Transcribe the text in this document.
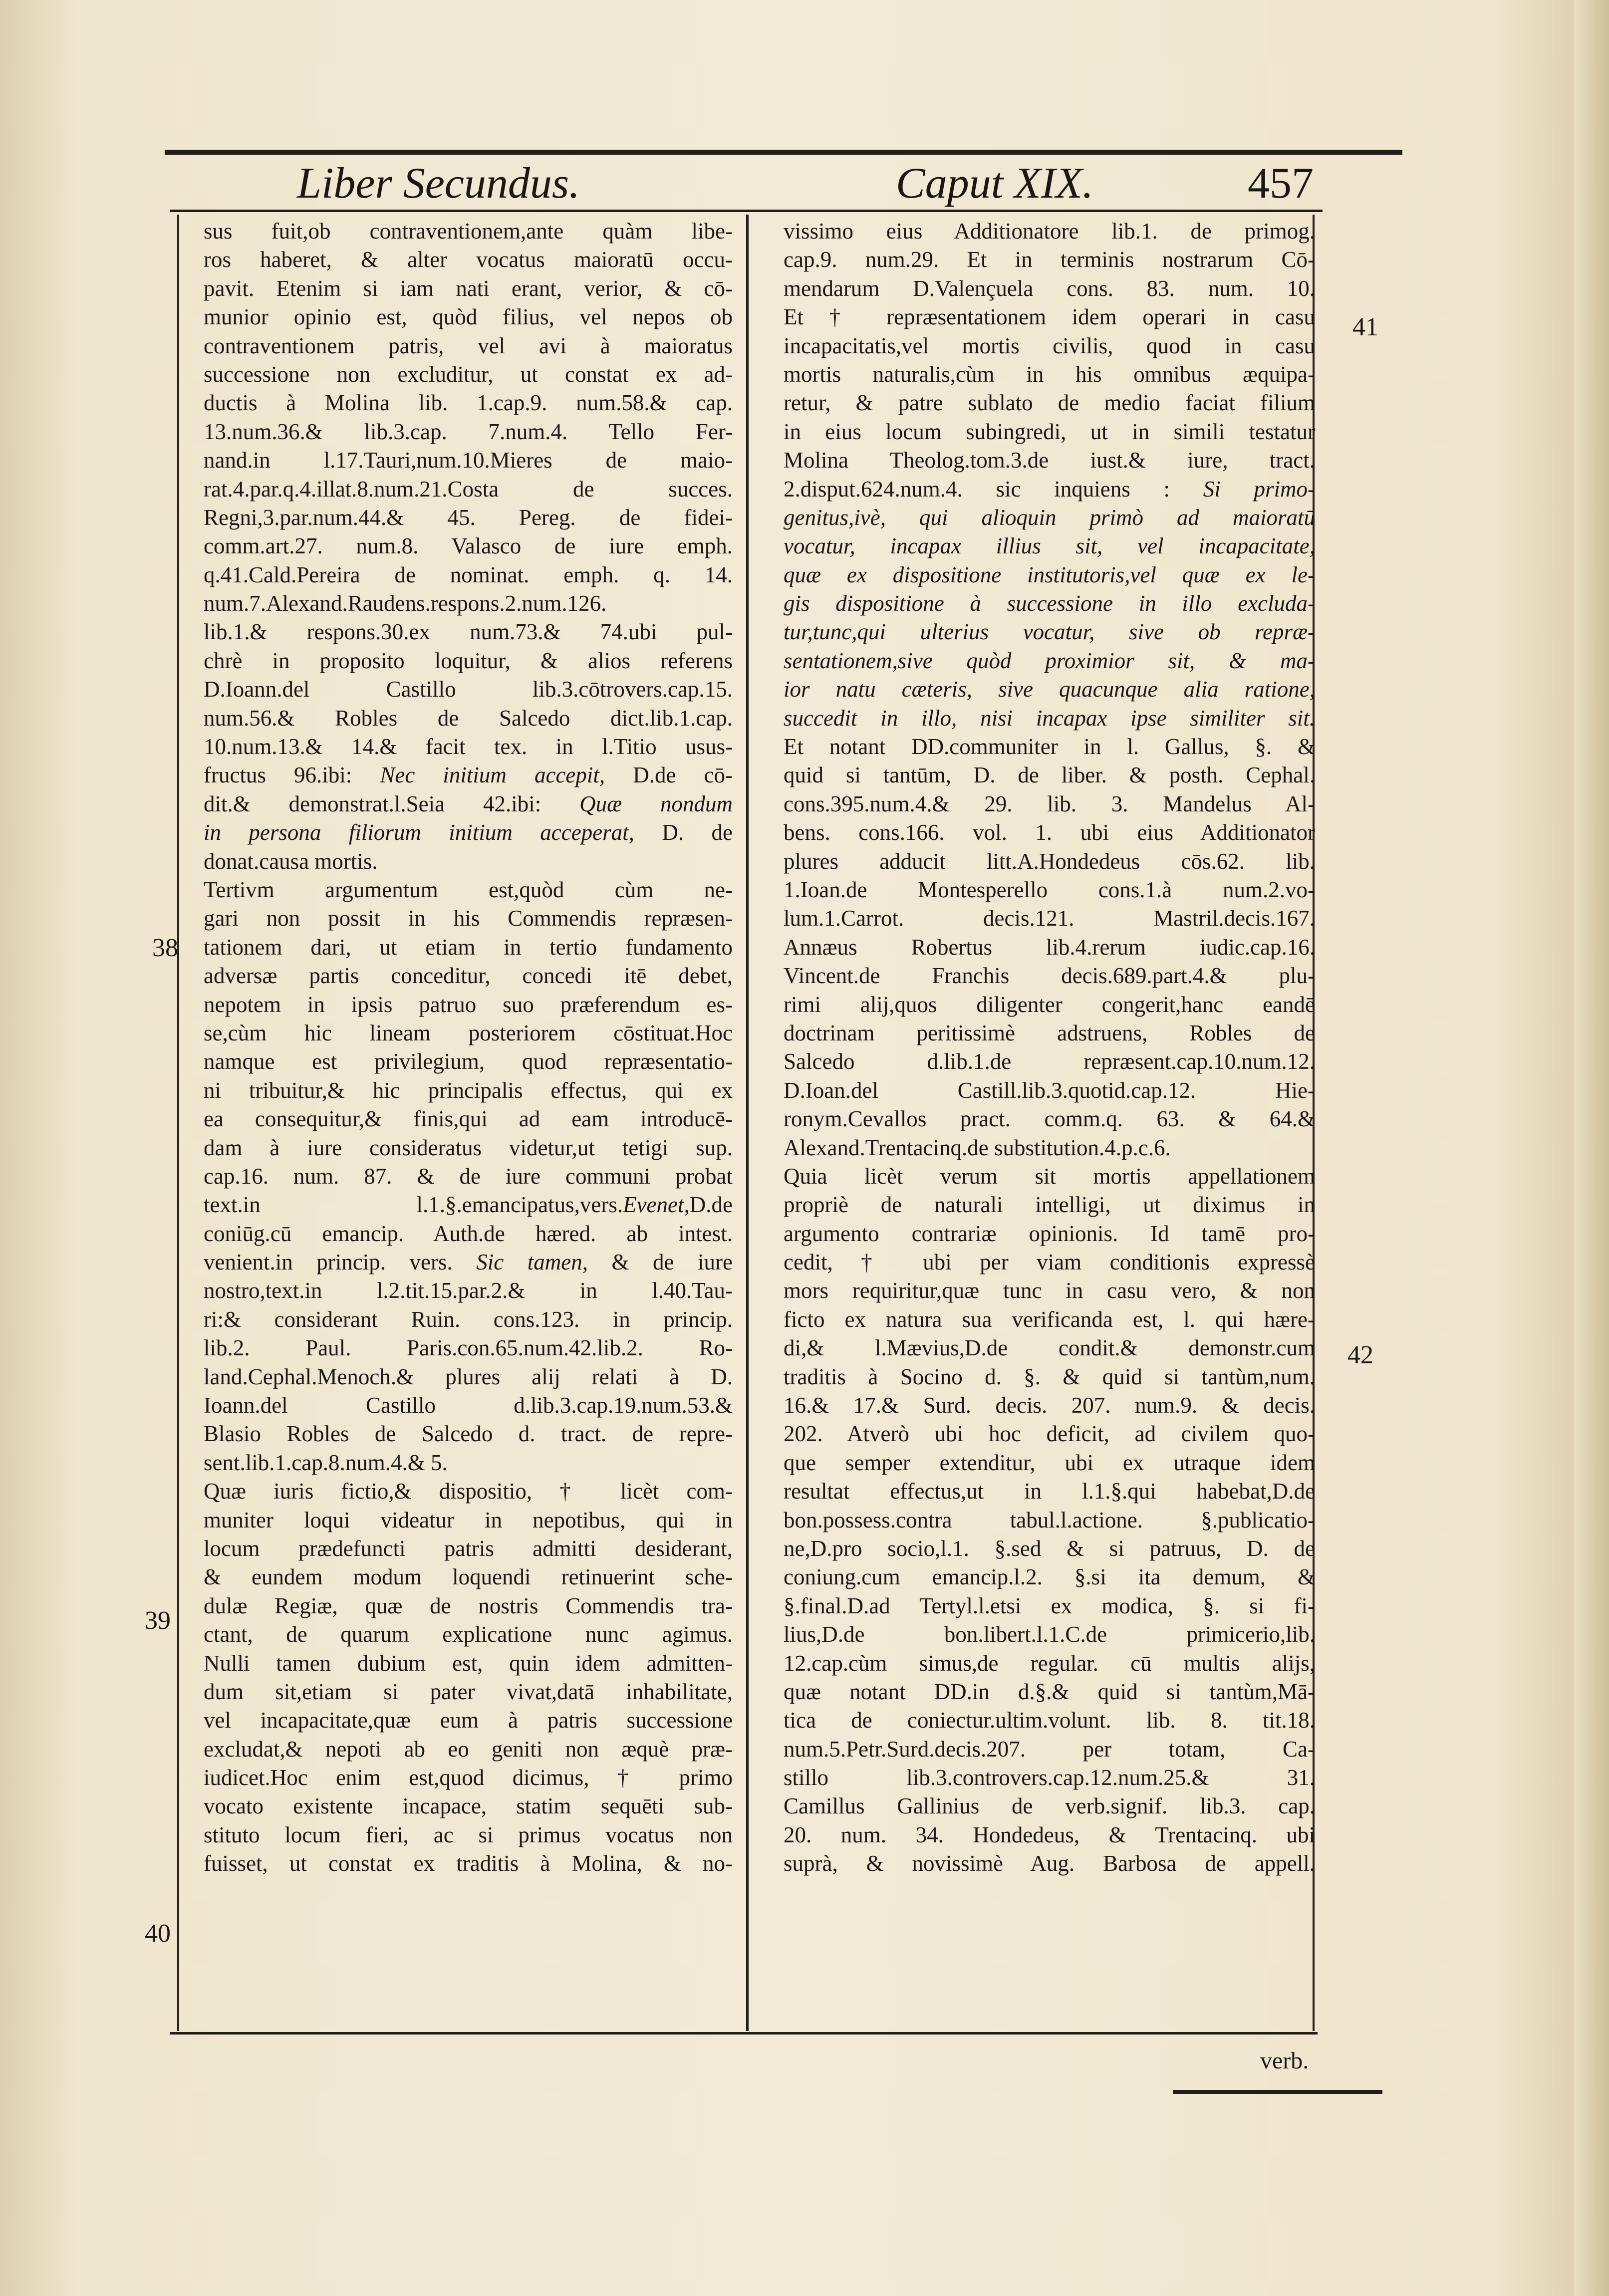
Liber Secundus.	Caput XIX.	457
sus fuit,ob contraventionem,ante quàm libe-
ros haberet, & alter vocatus maioratū occu-
pavit. Etenim si iam nati erant, verior, & cō-
munior opinio est, quòd filius, vel nepos ob
contraventionem patris, vel avi à maioratus
successione non excluditur, ut constat ex ad-
ductis à Molina lib. 1.cap.9. num.58.& cap.
13.num.36.& lib.3.cap. 7.num.4. Tello Fer-
nand.in l.17.Tauri,num.10.Mieres de maio-
rat.4.par.q.4.illat.8.num.21.Costa de succes.
Regni,3.par.num.44.& 45. Pereg. de fidei-
comm.art.27. num.8. Valasco de iure emph.
q.41.Cald.Pereira de nominat. emph. q. 14.
num.7.Alexand.Raudens.respons.2.num.126.
lib.1.& respons.30.ex num.73.& 74.ubi pul-
chrè in proposito loquitur, & alios referens
D.Ioann.del Castillo lib.3.cōtrovers.cap.15.
num.56.& Robles de Salcedo dict.lib.1.cap.
10.num.13.& 14.& facit tex. in l.Titio usus-
fructus 96.ibi: Nec initium accepit, D.de cō-
dit.& demonstrat.l.Seia 42.ibi: Quæ nondum
in persona filiorum initium acceperat, D. de
donat.causa mortis.
Tertivm argumentum est,quòd cùm ne-
gari non possit in his Commendis repræsen-
tationem dari, ut etiam in tertio fundamento
adversæ partis conceditur, concedi itē debet,
nepotem in ipsis patruo suo præferendum es-
se,cùm hic lineam posteriorem cōstituat.Hoc
namque est privilegium, quod repræsentatio-
ni tribuitur,& hic principalis effectus, qui ex
ea consequitur,& finis,qui ad eam introducē-
dam à iure consideratus videtur,ut tetigi sup.
cap.16. num. 87. & de iure communi probat
text.in l.1.§.emancipatus,vers.Evenet,D.de
coniūg.cū emancip. Auth.de hæred. ab intest.
venient.in princip. vers. Sic tamen, & de iure
nostro,text.in l.2.tit.15.par.2.& in l.40.Tau-
ri:& considerant Ruin. cons.123. in princip.
lib.2. Paul. Paris.con.65.num.42.lib.2. Ro-
land.Cephal.Menoch.& plures alij relati à D.
Ioann.del Castillo d.lib.3.cap.19.num.53.&
Blasio Robles de Salcedo d. tract. de repre-
sent.lib.1.cap.8.num.4.& 5.
Quæ iuris fictio,& dispositio, † licèt com-
muniter loqui videatur in nepotibus, qui in
locum prædefuncti patris admitti desiderant,
& eundem modum loquendi retinuerint sche-
dulæ Regiæ, quæ de nostris Commendis tra-
ctant, de quarum explicatione nunc agimus.
Nulli tamen dubium est, quin idem admitten-
dum sit,etiam si pater vivat,datā inhabilitate,
vel incapacitate,quæ eum à patris successione
excludat,& nepoti ab eo geniti non æquè præ-
iudicet.Hoc enim est,quod dicimus, † primo
vocato existente incapace, statim sequēti sub-
stituto locum fieri, ac si primus vocatus non
fuisset, ut constat ex traditis à Molina, & no-
vissimo eius Additionatore lib.1. de primog.
cap.9. num.29. Et in terminis nostrarum Cō-
mendarum D.Valençuela cons. 83. num. 10.
Et † repræsentationem idem operari in casu
incapacitatis,vel mortis civilis, quod in casu
mortis naturalis,cùm in his omnibus æquipa-
retur, & patre sublato de medio faciat filium
in eius locum subingredi, ut in simili testatur
Molina Theolog.tom.3.de iust.& iure, tract.
2.disput.624.num.4. sic inquiens : Si primo-
genitus,ivè, qui alioquin primò ad maioratū
vocatur, incapax illius sit, vel incapacitate,
quæ ex dispositione institutoris,vel quæ ex le-
gis dispositione à successione in illo excluda-
tur,tunc,qui ulterius vocatur, sive ob repræ-
sentationem,sive quòd proximior sit, & ma-
ior natu cæteris, sive quacunque alia ratione,
succedit in illo, nisi incapax ipse similiter sit.
Et notant DD.communiter in l. Gallus, §. &
quid si tantūm, D. de liber. & posth. Cephal.
cons.395.num.4.& 29. lib. 3. Mandelus Al-
bens. cons.166. vol. 1. ubi eius Additionator
plures adducit litt.A.Hondedeus cōs.62. lib.
1.Ioan.de Montesperello cons.1.à num.2.vo-
lum.1.Carrot. decis.121. Mastril.decis.167.
Annæus Robertus lib.4.rerum iudic.cap.16.
Vincent.de Franchis decis.689.part.4.& plu-
rimi alij,quos diligenter congerit,hanc eandē
doctrinam peritissimè adstruens, Robles de
Salcedo d.lib.1.de repræsent.cap.10.num.12.
D.Ioan.del Castill.lib.3.quotid.cap.12. Hie-
ronym.Cevallos pract. comm.q. 63. & 64.&
Alexand.Trentacinq.de substitution.4.p.c.6.
Quia licèt verum sit mortis appellationem
propriè de naturali intelligi, ut diximus in
argumento contrariæ opinionis. Id tamē pro-
cedit, † ubi per viam conditionis expressè
mors requiritur,quæ tunc in casu vero, & non
ficto ex natura sua verificanda est, l. qui hære-
di,& l.Mævius,D.de condit.& demonstr.cum
traditis à Socino d. §. & quid si tantùm,num.
16.& 17.& Surd. decis. 207. num.9. & decis.
202. Atverò ubi hoc deficit, ad civilem quo-
que semper extenditur, ubi ex utraque idem
resultat effectus,ut in l.1.§.qui habebat,D.de
bon.possess.contra tabul.l.actione. §.publicatio-
ne,D.pro socio,l.1. §.sed & si patruus, D. de
coniung.cum emancip.l.2. §.si ita demum, &
§.final.D.ad Tertyl.l.etsi ex modica, §. si fi-
lius,D.de bon.libert.l.1.C.de primicerio,lib.
12.cap.cùm simus,de regular. cū multis alijs,
quæ notant DD.in d.§.& quid si tantùm,Mā-
tica de coniectur.ultim.volunt. lib. 8. tit.18.
num.5.Petr.Surd.decis.207. per totam, Ca-
stillo lib.3.controvers.cap.12.num.25.& 31.
Camillus Gallinius de verb.signif. lib.3. cap.
20. num. 34. Hondedeus, & Trentacinq. ubi
suprà, & novissimè Aug. Barbosa de appell.
38
39
40
41
42
verb.
